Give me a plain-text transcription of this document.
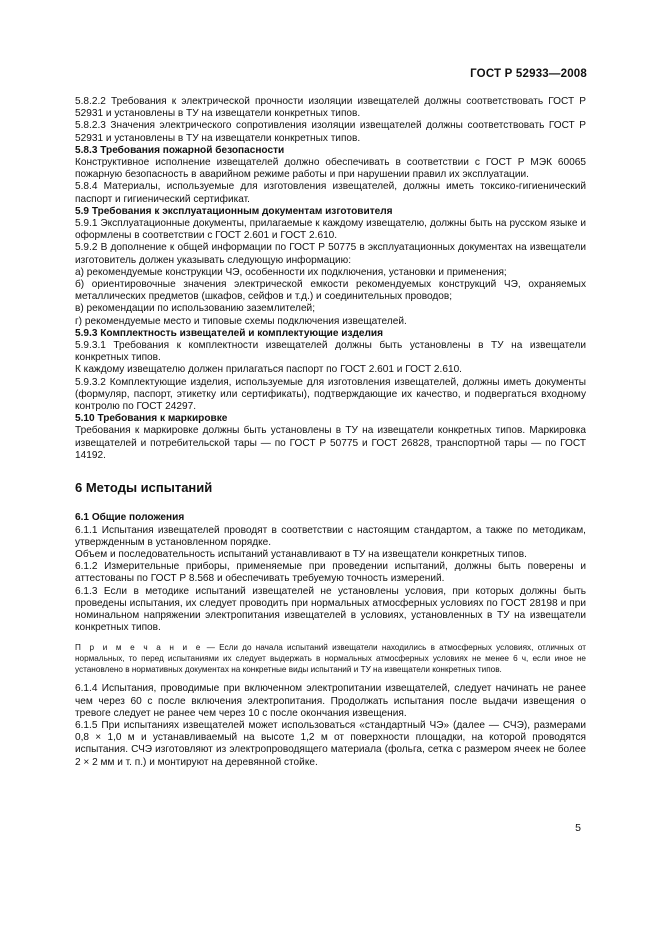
ГОСТ Р 52933—2008

5.8.2.2 Требования к электрической прочности изоляции извещателей должны соответствовать ГОСТ Р 52931 и установлены в ТУ на извещатели конкретных типов.

5.8.2.3 Значения электрического сопротивления изоляции извещателей должны соответствовать ГОСТ Р 52931 и установлены в ТУ на извещатели конкретных типов.

5.8.3 Требования пожарной безопасности

Конструктивное исполнение извещателей должно обеспечивать в соответствии с ГОСТ Р МЭК 60065 пожарную безопасность в аварийном режиме работы и при нарушении правил их эксплуатации.

5.8.4 Материалы, используемые для изготовления извещателей, должны иметь токсико-гигиенический паспорт и гигиенический сертификат.

5.9 Требования к эксплуатационным документам изготовителя

5.9.1 Эксплуатационные документы, прилагаемые к каждому извещателю, должны быть на русском языке и оформлены в соответствии с ГОСТ 2.601 и ГОСТ 2.610.

5.9.2 В дополнение к общей информации по ГОСТ Р 50775 в эксплуатационных документах на извещатели изготовитель должен указывать следующую информацию:

а) рекомендуемые конструкции ЧЭ, особенности их подключения, установки и применения;

б) ориентировочные значения электрической емкости рекомендуемых конструкций ЧЭ, охраняемых металлических предметов (шкафов, сейфов и т.д.) и соединительных проводов;

в) рекомендации по использованию заземлителей;

г) рекомендуемые место и типовые схемы подключения извещателей.

5.9.3 Комплектность извещателей и комплектующие изделия

5.9.3.1 Требования к комплектности извещателей должны быть установлены в ТУ на извещатели конкретных типов.

К каждому извещателю должен прилагаться паспорт по ГОСТ 2.601 и ГОСТ 2.610.

5.9.3.2 Комплектующие изделия, используемые для изготовления извещателей, должны иметь документы (формуляр, паспорт, этикетку или сертификаты), подтверждающие их качество, и подвергаться входному контролю по ГОСТ 24297.

5.10 Требования к маркировке

Требования к маркировке должны быть установлены в ТУ на извещатели конкретных типов. Маркировка извещателей и потребительской тары — по ГОСТ Р 50775 и ГОСТ 26828, транспортной тары — по ГОСТ 14192.

6 Методы испытаний

6.1 Общие положения

6.1.1 Испытания извещателей проводят в соответствии с настоящим стандартом, а также по методикам, утвержденным в установленном порядке.

Объем и последовательность испытаний устанавливают в ТУ на извещатели конкретных типов.

6.1.2 Измерительные приборы, применяемые при проведении испытаний, должны быть поверены и аттестованы по ГОСТ Р 8.568 и обеспечивать требуемую точность измерений.

6.1.3 Если в методике испытаний извещателей не установлены условия, при которых должны быть проведены испытания, их следует проводить при нормальных атмосферных условиях по ГОСТ 28198 и при номинальном напряжении электропитания извещателей в условиях, установленных в ТУ на извещатели конкретных типов.

П р и м е ч а н и е — Если до начала испытаний извещатели находились в атмосферных условиях, отличных от нормальных, то перед испытаниями их следует выдержать в нормальных атмосферных условиях не менее 6 ч, если иное не установлено в нормативных документах на конкретные виды испытаний и ТУ на извещатели конкретных типов.

6.1.4 Испытания, проводимые при включенном электропитании извещателей, следует начинать не ранее чем через 60 с после включения электропитания. Продолжать испытания после выдачи извещения о тревоге следует не ранее чем через 10 с после окончания извещения.

6.1.5 При испытаниях извещателей может использоваться «стандартный ЧЭ» (далее — СЧЭ), размерами 0,8 × 1,0 м и устанавливаемый на высоте 1,2 м от поверхности площадки, на которой проводятся испытания. СЧЭ изготовляют из электропроводящего материала (фольга, сетка с размером ячеек не более 2 × 2 мм и т. п.) и монтируют на деревянной стойке.

5
